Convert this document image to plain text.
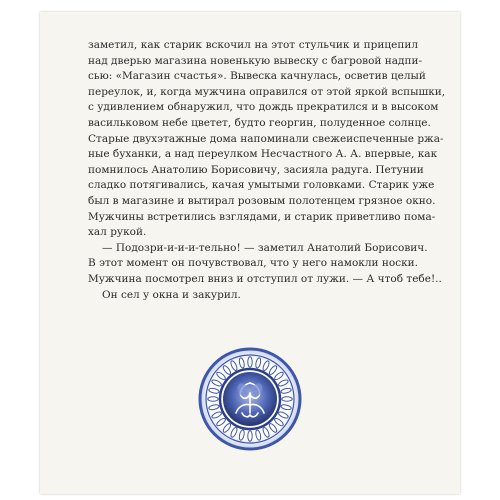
заметил, как старик вскочил на этот стульчик и прицепил
над дверью магазина новенькую вывеску с багровой надпи-
сью: «Магазин счастья». Вывеска качнулась, осветив целый
переулок, и, когда мужчина оправился от этой яркой вспышки,
с удивлением обнаружил, что дождь прекратился и в высоком
васильковом небе цветет, будто георгин, полуденное солнце.
Старые двухэтажные дома напоминали свежеиспеченные ржа-
ные буханки, а над переулком Несчастного А. А. впервые, как
помнилось Анатолию Борисовичу, засияла радуга. Петунии
сладко потягивались, качая умытыми головками. Старик уже
был в магазине и вытирал розовым полотенцем грязное окно.
Мужчины встретились взглядами, и старик приветливо пома-
хал рукой.
— Подозри-и-и-и-тельно! — заметил Анатолий Борисович.
В этот момент он почувствовал, что у него намокли носки.
Мужчина посмотрел вниз и отступил от лужи. — А чтоб тебе!..
Он сел у окна и закурил.
